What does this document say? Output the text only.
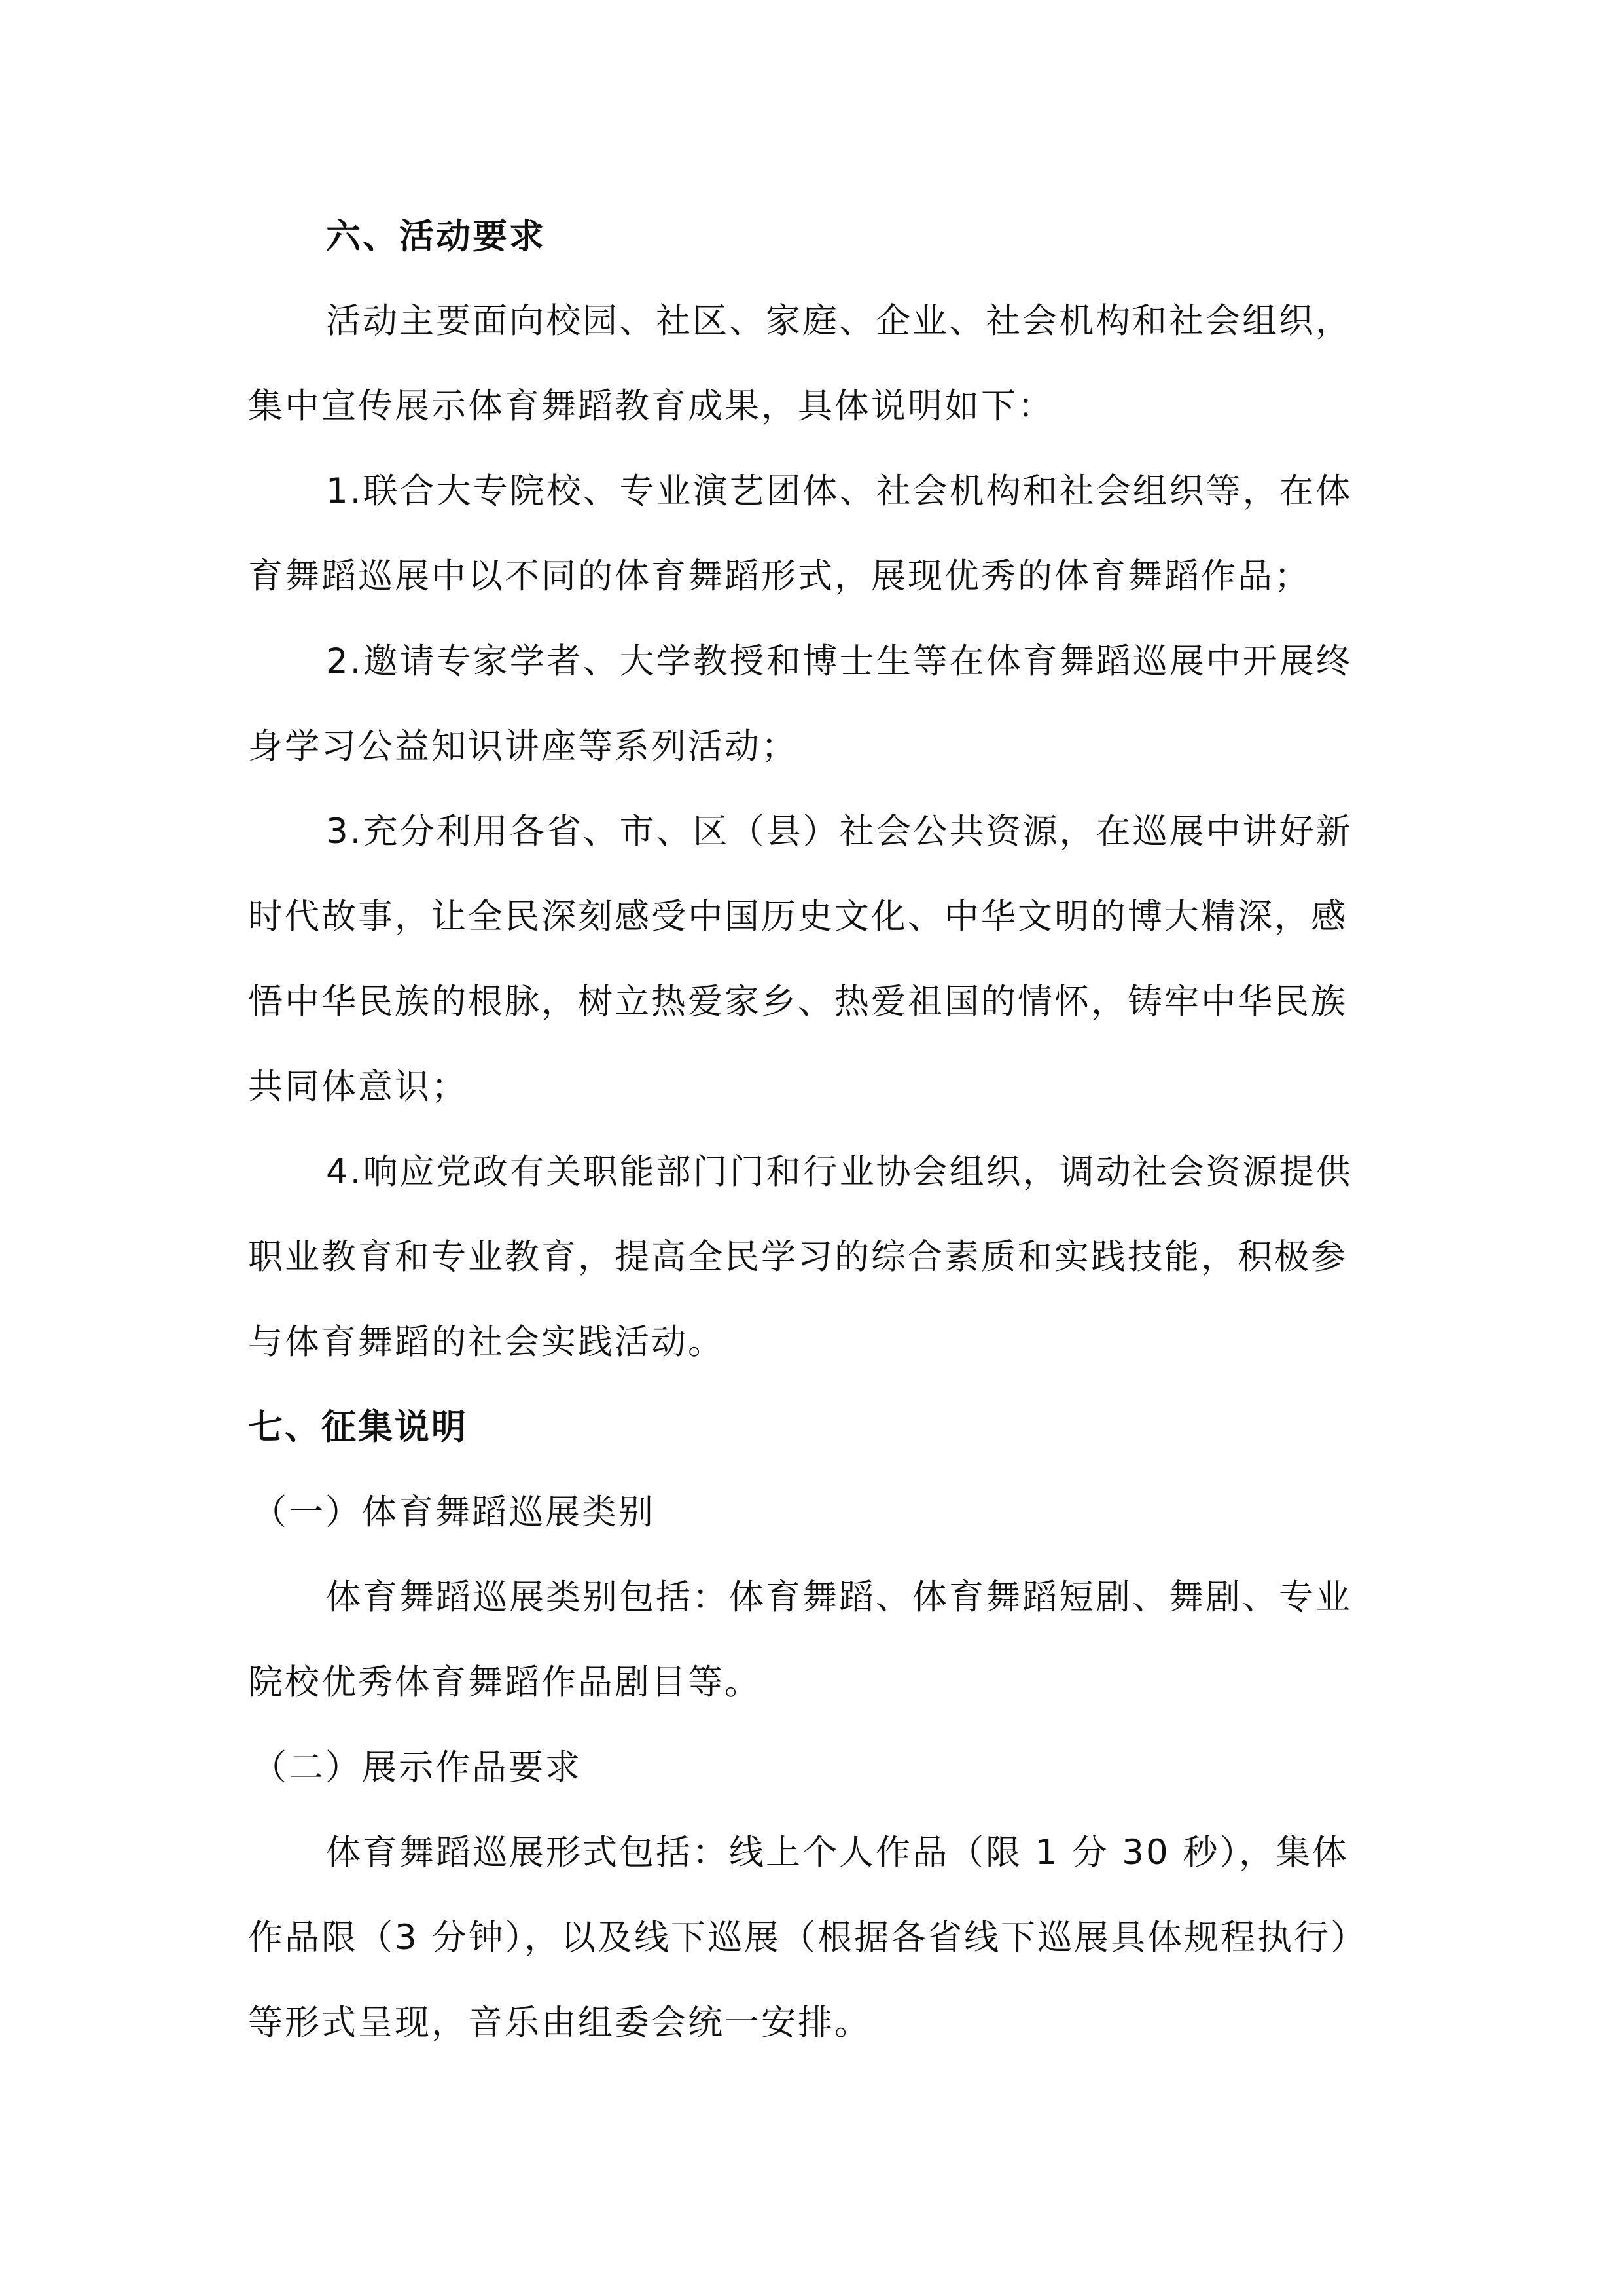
六、活动要求
活动主要面向校园、社区、家庭、企业、社会机构和社会组织，集中宣传展示体育舞蹈教育成果，具体说明如下：
1.联合大专院校、专业演艺团体、社会机构和社会组织等，在体育舞蹈巡展中以不同的体育舞蹈形式，展现优秀的体育舞蹈作品；
2.邀请专家学者、大学教授和博士生等在体育舞蹈巡展中开展终身学习公益知识讲座等系列活动；
3.充分利用各省、市、区（县）社会公共资源，在巡展中讲好新时代故事，让全民深刻感受中国历史文化、中华文明的博大精深，感悟中华民族的根脉，树立热爱家乡、热爱祖国的情怀，铸牢中华民族共同体意识；
4.响应党政有关职能部门门和行业协会组织，调动社会资源提供职业教育和专业教育，提高全民学习的综合素质和实践技能，积极参与体育舞蹈的社会实践活动。
七、征集说明
（一）体育舞蹈巡展类别
体育舞蹈巡展类别包括：体育舞蹈、体育舞蹈短剧、舞剧、专业院校优秀体育舞蹈作品剧目等。
（二）展示作品要求
体育舞蹈巡展形式包括：线上个人作品（限 1 分 30 秒），集体作品限（3 分钟），以及线下巡展（根据各省线下巡展具体规程执行）等形式呈现，音乐由组委会统一安排。
